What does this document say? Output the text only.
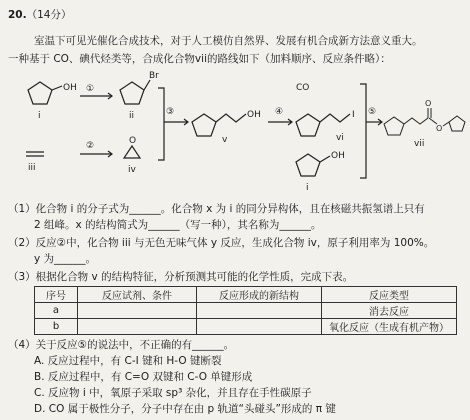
20.（14分）
室温下可见光催化合成技术，对于人工模仿自然界、发展有机合成新方法意义重大。
一种基于 CO、碘代烃类等，合成化合物vii的路线如下（加料顺序、反应条件略）：
OH
i
①
Br
ii
iii
②	O
iv
③	OH
v
④
CO
I
vi
OH
i
⑤
O
O
vii
（1）化合物 i 的分子式为______。化合物 x 为 i 的同分异构体，且在核磁共振氢谱上只有
2 组峰。x 的结构简式为______（写一种），其名称为______。
（2）反应②中，化合物 iii 与无色无味气体 y 反应，生成化合物 iv，原子利用率为 100%。
y 为______。
序号	反应试剂、条件	反应形成的新结构	反应类型
a			消去反应
b			氧化反应（生成有机产物）
（3）根据化合物 v 的结构特征，分析预测其可能的化学性质，完成下表。
（4）关于反应⑤的说法中，不正确的有______。
A. 反应过程中，有 C-I 键和 H-O 键断裂
B. 反应过程中，有 C=O 双键和 C-O 单键形成
C. 反应物 i 中，氧原子采取 sp³ 杂化，并且存在手性碳原子
D. CO 属于极性分子，分子中存在由 p 轨道“头碰头”形成的 π 键
